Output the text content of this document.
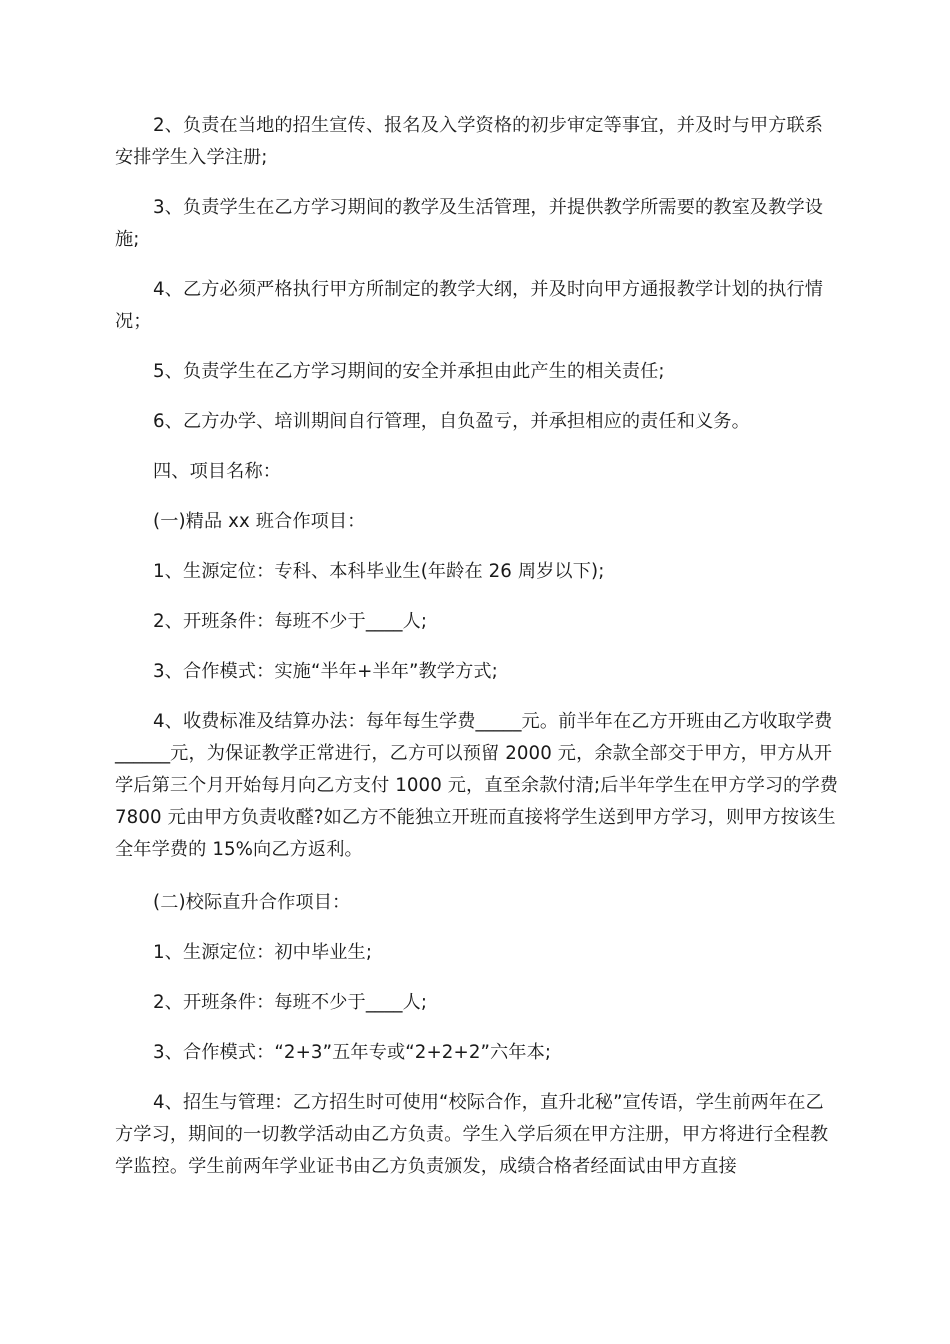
2、负责在当地的招生宣传、报名及入学资格的初步审定等事宜，并及时与甲方联系安排学生入学注册;

3、负责学生在乙方学习期间的教学及生活管理，并提供教学所需要的教室及教学设施;

4、乙方必须严格执行甲方所制定的教学大纲，并及时向甲方通报教学计划的执行情况；

5、负责学生在乙方学习期间的安全并承担由此产生的相关责任;

6、乙方办学、培训期间自行管理，自负盈亏，并承担相应的责任和义务。

四、项目名称：

(一)精品 xx 班合作项目：

1、生源定位：专科、本科毕业生(年龄在 26 周岁以下);

2、开班条件：每班不少于____人;

3、合作模式：实施“半年+半年”教学方式;

4、收费标准及结算办法：每年每生学费_____元。前半年在乙方开班由乙方收取学费______元，为保证教学正常进行，乙方可以预留 2000 元，余款全部交于甲方，甲方从开学后第三个月开始每月向乙方支付 1000 元，直至余款付清;后半年学生在甲方学习的学费 7800 元由甲方负责收醛?如乙方不能独立开班而直接将学生送到甲方学习，则甲方按该生全年学费的 15%向乙方返利。

(二)校际直升合作项目：

1、生源定位：初中毕业生;

2、开班条件：每班不少于____人;

3、合作模式：“2+3”五年专或“2+2+2”六年本;

4、招生与管理：乙方招生时可使用“校际合作，直升北秘”宣传语，学生前两年在乙方学习，期间的一切教学活动由乙方负责。学生入学后须在甲方注册，甲方将进行全程教学监控。学生前两年学业证书由乙方负责颁发，成绩合格者经面试由甲方直接
